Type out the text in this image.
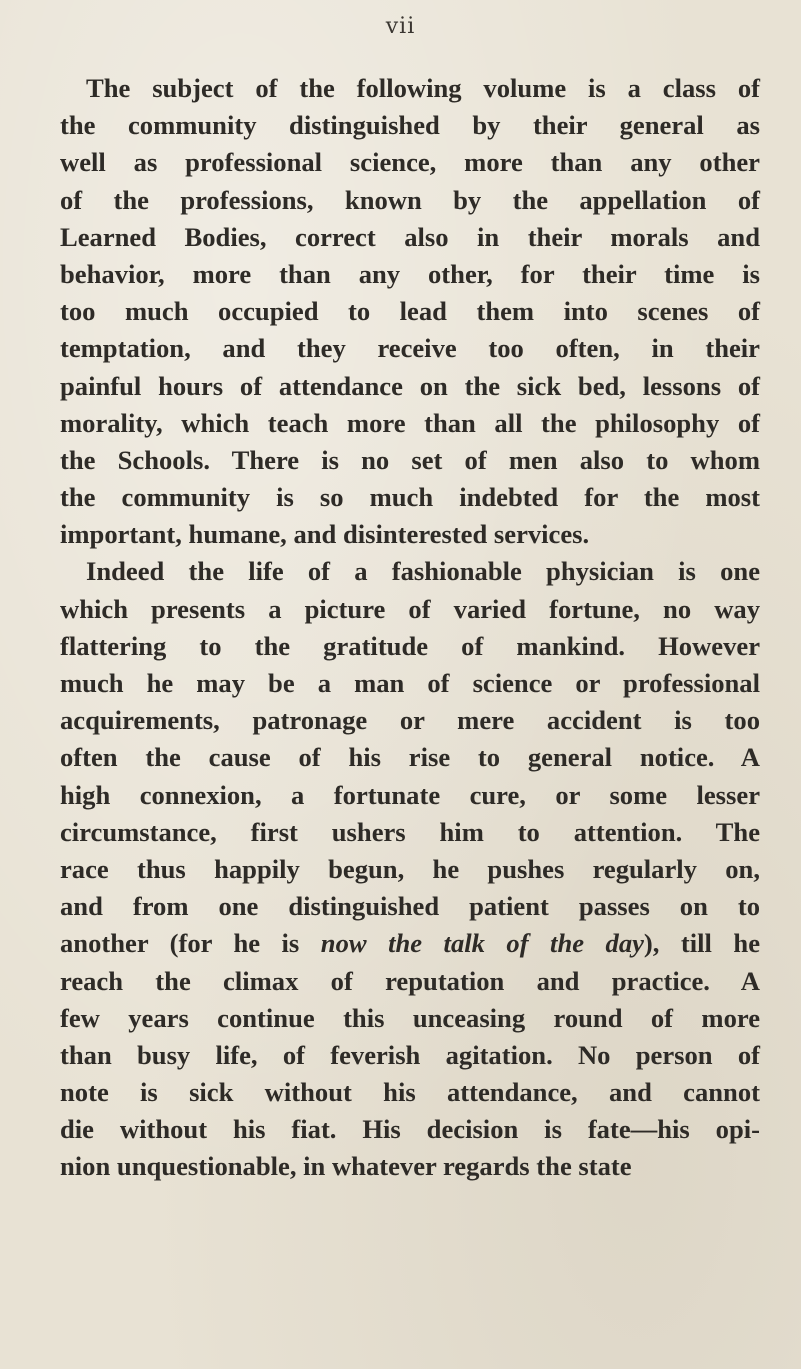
vii
The subject of the following volume is a class of
the community distinguished by their general as
well as professional science, more than any other
of the professions, known by the appellation of
Learned Bodies, correct also in their morals and
behavior, more than any other, for their time is
too much occupied to lead them into scenes of
temptation, and they receive too often, in their
painful hours of attendance on the sick bed, lessons of
morality, which teach more than all the philosophy of
the Schools. There is no set of men also to whom
the community is so much indebted for the most
important, humane, and disinterested services.
Indeed the life of a fashionable physician is one
which presents a picture of varied fortune, no way
flattering to the gratitude of mankind. However
much he may be a man of science or professional
acquirements, patronage or mere accident is too
often the cause of his rise to general notice. A
high connexion, a fortunate cure, or some lesser
circumstance, first ushers him to attention. The
race thus happily begun, he pushes regularly on,
and from one distinguished patient passes on to
another (for he is now the talk of the day), till he
reach the climax of reputation and practice. A
few years continue this unceasing round of more
than busy life, of feverish agitation. No person of
note is sick without his attendance, and cannot
die without his fiat. His decision is fate—his opi-
nion unquestionable, in whatever regards the state
